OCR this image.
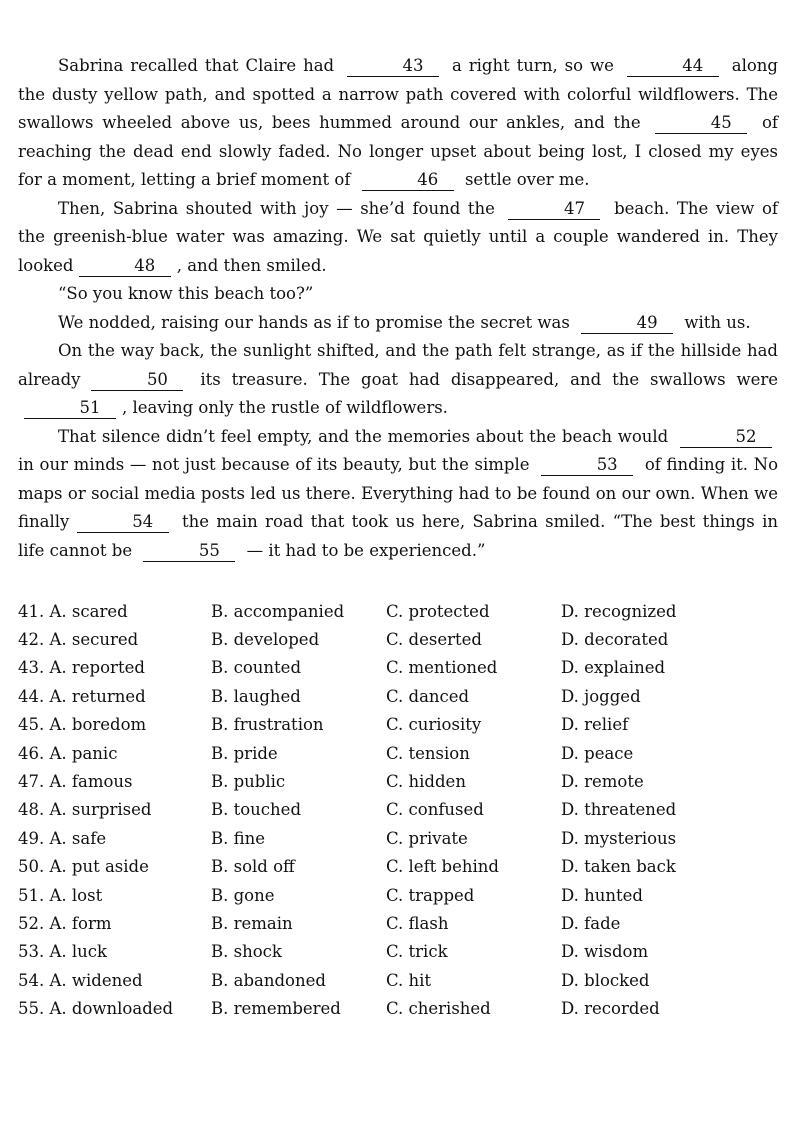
Sabrina recalled that Claire had	43 a right turn, so we	44 along the dusty yellow path, and spotted a narrow path covered with colorful wildflowers. The swallows wheeled above us, bees hummed around our ankles, and the	45 of reaching the dead end slowly faded. No longer upset about being lost, I closed my eyes for a moment, letting a brief moment of	46 settle over me.

Then, Sabrina shouted with joy — she’d found the	47 beach. The view of the greenish-blue water was amazing. We sat quietly until a couple wandered in. They looked	48 , and then smiled.

“So you know this beach too?”

We nodded, raising our hands as if to promise the secret was	49 with us.

On the way back, the sunlight shifted, and the path felt strange, as if the hillside had already	50 its treasure. The goat had disappeared, and the swallows were 51 , leaving only the rustle of wildflowers.

That silence didn’t feel empty, and the memories about the beach would	52 in our minds — not just because of its beauty, but the simple	53 of finding it. No maps or social media posts led us there. Everything had to be found on our own. When we finally	54 the main road that took us here, Sabrina smiled. “The best things in life cannot be	55 — it had to be experienced.”

41. A. scared	B. accompanied	C. protected	D. recognized
42. A. secured	B. developed	C. deserted	D. decorated
43. A. reported	B. counted	C. mentioned	D. explained
44. A. returned	B. laughed	C. danced	D. jogged
45. A. boredom	B. frustration	C. curiosity	D. relief
46. A. panic	B. pride	C. tension	D. peace
47. A. famous	B. public	C. hidden	D. remote
48. A. surprised	B. touched	C. confused	D. threatened
49. A. safe	B. fine	C. private	D. mysterious
50. A. put aside	B. sold off	C. left behind	D. taken back
51. A. lost	B. gone	C. trapped	D. hunted
52. A. form	B. remain	C. flash	D. fade
53. A. luck	B. shock	C. trick	D. wisdom
54. A. widened	B. abandoned	C. hit	D. blocked
55. A. downloaded	B. remembered	C. cherished	D. recorded
